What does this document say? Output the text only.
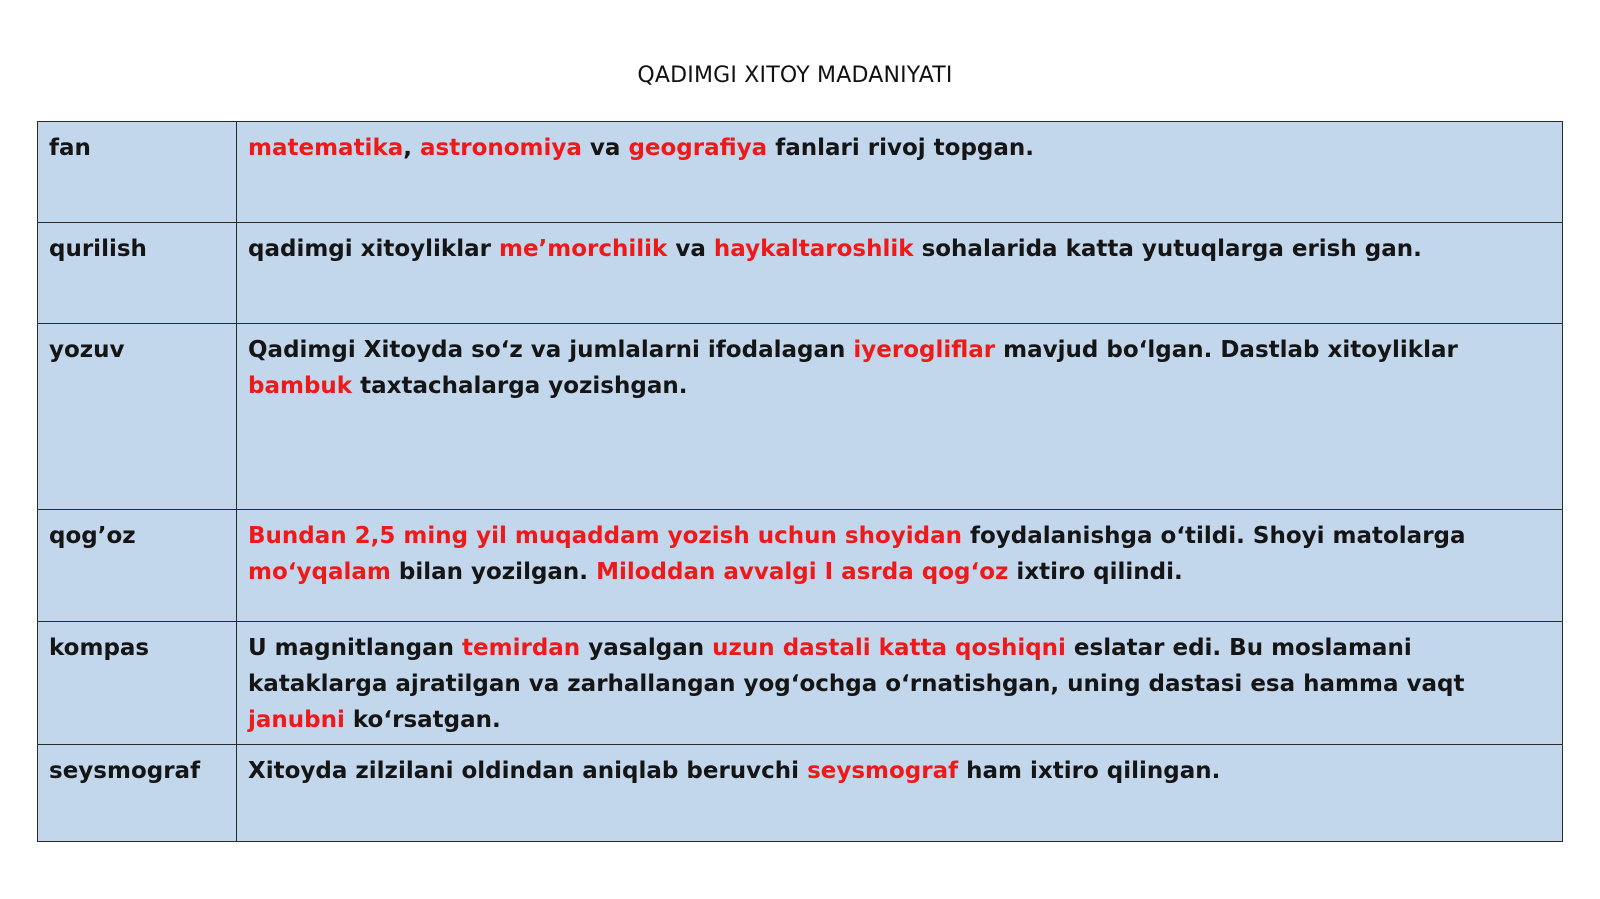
QADIMGI XITOY MADANIYATI
fan	matematika, astronomiya va geografiya fanlari rivoj topgan.
qurilish	qadimgi xitoyliklar me’morchilik va haykaltaroshlik sohalarida katta yutuqlarga erish gan.
yozuv	Qadimgi Xitoyda soʻz va jumlalarni ifodalagan iyerogliflar mavjud boʻlgan. Dastlab xitoyliklar bambuk taxtachalarga yozishgan.
qog’oz	Bundan 2,5 ming yil muqaddam yozish uchun shoyidan foydalanishga oʻtildi. Shoyi matolarga moʻyqalam bilan yozilgan. Miloddan avvalgi I asrda qogʻoz ixtiro qilindi.
kompas	U magnitlangan temirdan yasalgan uzun dastali katta qoshiqni eslatar edi. Bu moslamani kataklarga ajratilgan va zarhallangan yogʻochga oʻrnatishgan, uning dastasi esa hamma vaqt janubni koʻrsatgan.
seysmograf	Xitoyda zilzilani oldindan aniqlab beruvchi seysmograf ham ixtiro qilingan.
